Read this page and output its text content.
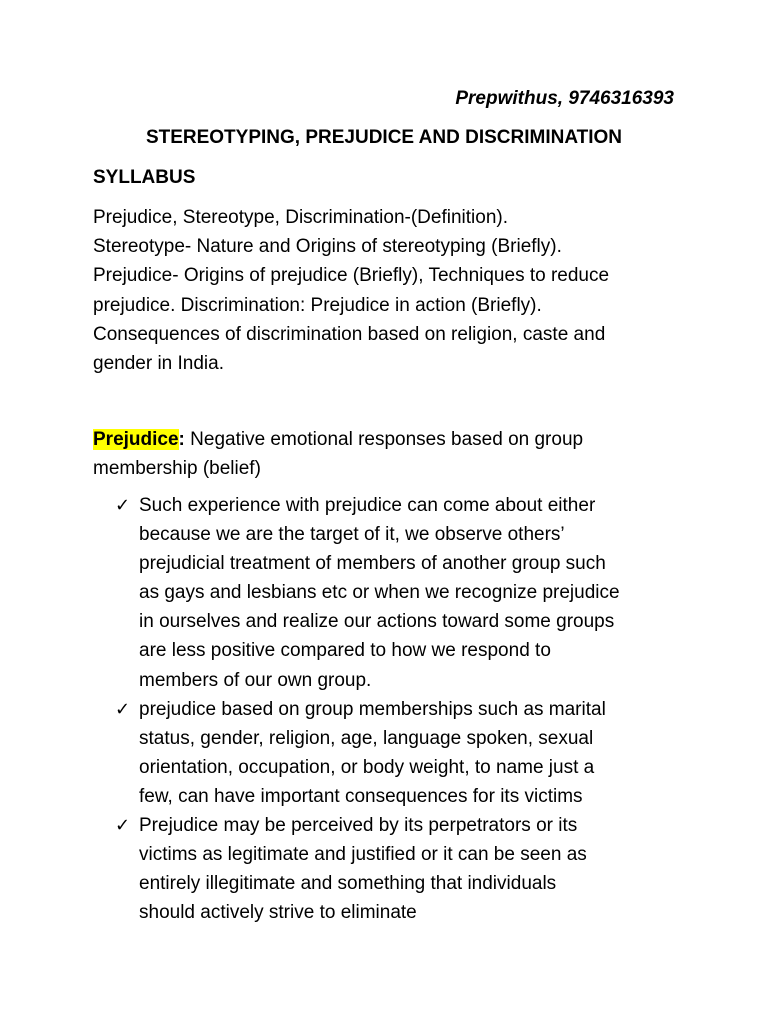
Prepwithus, 9746316393
STEREOTYPING, PREJUDICE AND DISCRIMINATION
SYLLABUS
Prejudice, Stereotype, Discrimination-(Definition).
Stereotype- Nature and Origins of stereotyping (Briefly).
Prejudice- Origins of prejudice (Briefly), Techniques to reduce
prejudice. Discrimination: Prejudice in action (Briefly).
Consequences of discrimination based on religion, caste and
gender in India.
Prejudice: Negative emotional responses based on group
membership (belief)
✓ Such experience with prejudice can come about either
because we are the target of it, we observe others’
prejudicial treatment of members of another group such
as gays and lesbians etc or when we recognize prejudice
in ourselves and realize our actions toward some groups
are less positive compared to how we respond to
members of our own group.
✓ prejudice based on group memberships such as marital
status, gender, religion, age, language spoken, sexual
orientation, occupation, or body weight, to name just a
few, can have important consequences for its victims
✓ Prejudice may be perceived by its perpetrators or its
victims as legitimate and justified or it can be seen as
entirely illegitimate and something that individuals
should actively strive to eliminate
